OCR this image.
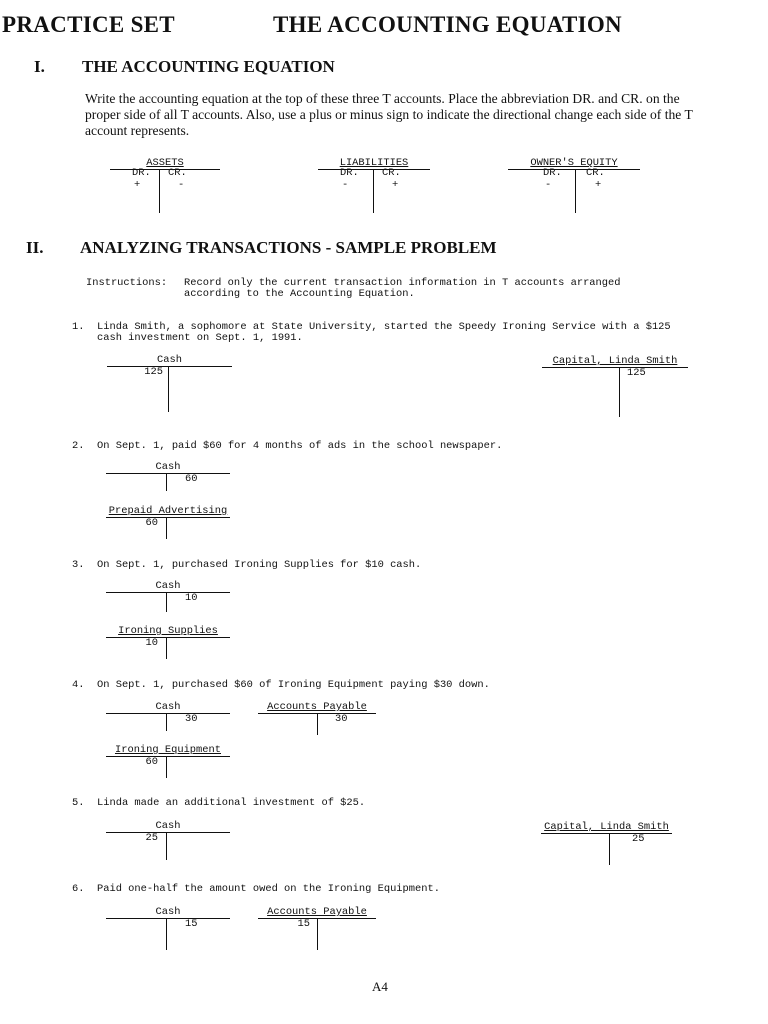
PRACTICE SET	THE ACCOUNTING EQUATION
I. THE ACCOUNTING EQUATION
Write the accounting equation at the top of these three T accounts. Place the abbreviation DR. and CR. on the proper side of all T accounts. Also, use a plus or minus sign to indicate the directional change each side of the T account represents.
ASSETS
DR. CR.
+	-
LIABILITIES
DR. CR.
-	+
OWNER'S EQUITY
DR. CR.
-	+
II. ANALYZING TRANSACTIONS - SAMPLE PROBLEM
Instructions: Record only the current transaction information in T accounts arranged
according to the Accounting Equation.
1. Linda Smith, a sophomore at State University, started the Speedy Ironing Service with a $125
cash investment on Sept. 1, 1991.
Cash
125
Capital, Linda Smith
125
2. On Sept. 1, paid $60 for 4 months of ads in the school newspaper.
Cash
60
Prepaid Advertising
60
3. On Sept. 1, purchased Ironing Supplies for $10 cash.
Cash
10
Ironing Supplies
10
4. On Sept. 1, purchased $60 of Ironing Equipment paying $30 down.
Cash
30
Accounts Payable
30
Ironing Equipment
60
5. Linda made an additional investment of $25.
Cash
25
Capital, Linda Smith
25
6. Paid one-half the amount owed on the Ironing Equipment.
Cash
15
Accounts Payable
15
A4
